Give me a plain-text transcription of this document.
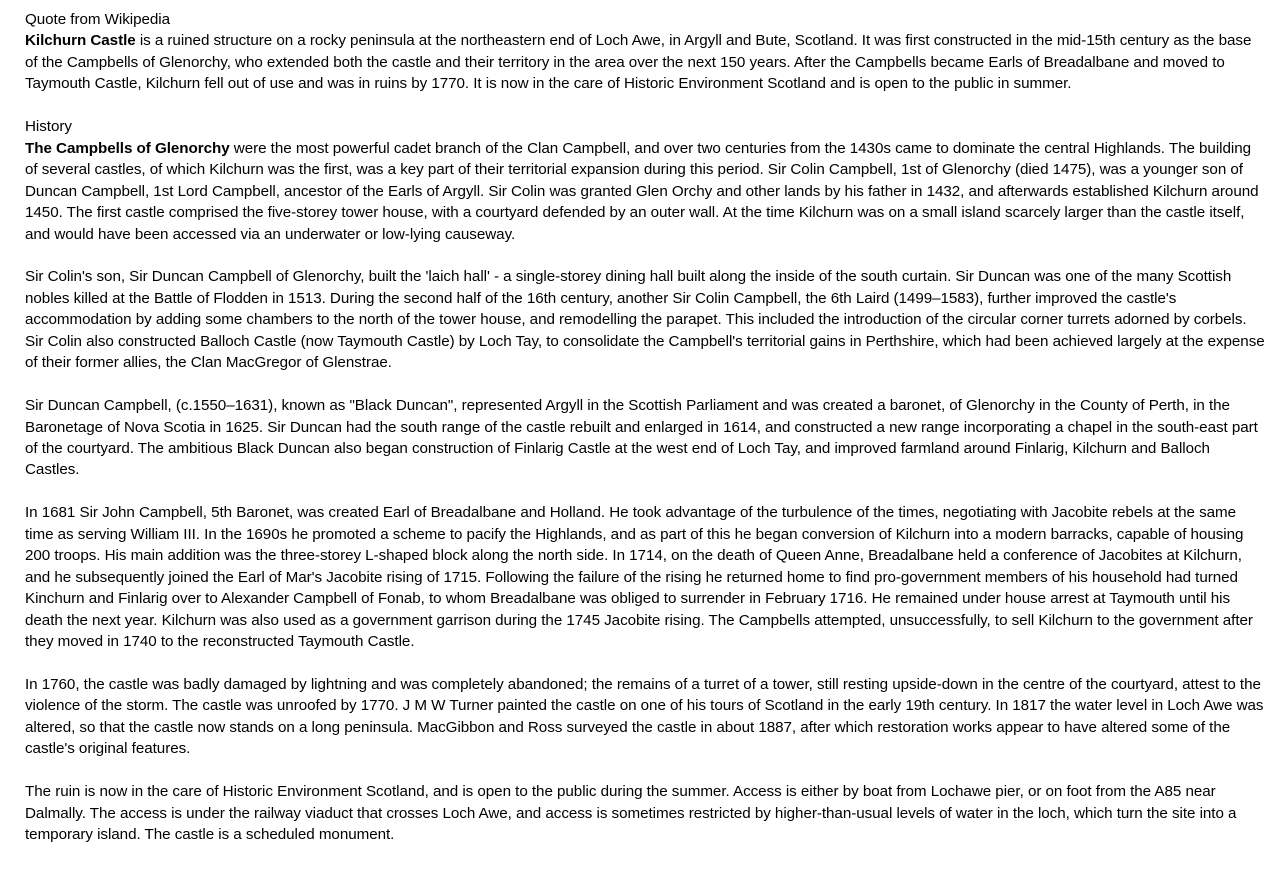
Quote from Wikipedia
Kilchurn Castle is a ruined structure on a rocky peninsula at the northeastern end of Loch Awe, in Argyll and Bute, Scotland. It was first constructed in the mid-15th century as the base of the Campbells of Glenorchy, who extended both the castle and their territory in the area over the next 150 years. After the Campbells became Earls of Breadalbane and moved to Taymouth Castle, Kilchurn fell out of use and was in ruins by 1770. It is now in the care of Historic Environment Scotland and is open to the public in summer.

History
The Campbells of Glenorchy were the most powerful cadet branch of the Clan Campbell, and over two centuries from the 1430s came to dominate the central Highlands. The building of several castles, of which Kilchurn was the first, was a key part of their territorial expansion during this period. Sir Colin Campbell, 1st of Glenorchy (died 1475), was a younger son of Duncan Campbell, 1st Lord Campbell, ancestor of the Earls of Argyll. Sir Colin was granted Glen Orchy and other lands by his father in 1432, and afterwards established Kilchurn around 1450. The first castle comprised the five-storey tower house, with a courtyard defended by an outer wall. At the time Kilchurn was on a small island scarcely larger than the castle itself, and would have been accessed via an underwater or low-lying causeway.

Sir Colin's son, Sir Duncan Campbell of Glenorchy, built the 'laich hall' - a single-storey dining hall built along the inside of the south curtain. Sir Duncan was one of the many Scottish nobles killed at the Battle of Flodden in 1513. During the second half of the 16th century, another Sir Colin Campbell, the 6th Laird (1499–1583), further improved the castle's accommodation by adding some chambers to the north of the tower house, and remodelling the parapet. This included the introduction of the circular corner turrets adorned by corbels. Sir Colin also constructed Balloch Castle (now Taymouth Castle) by Loch Tay, to consolidate the Campbell's territorial gains in Perthshire, which had been achieved largely at the expense of their former allies, the Clan MacGregor of Glenstrae.

Sir Duncan Campbell, (c.1550–1631), known as "Black Duncan", represented Argyll in the Scottish Parliament and was created a baronet, of Glenorchy in the County of Perth, in the Baronetage of Nova Scotia in 1625. Sir Duncan had the south range of the castle rebuilt and enlarged in 1614, and constructed a new range incorporating a chapel in the south-east part of the courtyard. The ambitious Black Duncan also began construction of Finlarig Castle at the west end of Loch Tay, and improved farmland around Finlarig, Kilchurn and Balloch Castles.

In 1681 Sir John Campbell, 5th Baronet, was created Earl of Breadalbane and Holland. He took advantage of the turbulence of the times, negotiating with Jacobite rebels at the same time as serving William III. In the 1690s he promoted a scheme to pacify the Highlands, and as part of this he began conversion of Kilchurn into a modern barracks, capable of housing 200 troops. His main addition was the three-storey L-shaped block along the north side. In 1714, on the death of Queen Anne, Breadalbane held a conference of Jacobites at Kilchurn, and he subsequently joined the Earl of Mar's Jacobite rising of 1715. Following the failure of the rising he returned home to find pro-government members of his household had turned Kinchurn and Finlarig over to Alexander Campbell of Fonab, to whom Breadalbane was obliged to surrender in February 1716. He remained under house arrest at Taymouth until his death the next year. Kilchurn was also used as a government garrison during the 1745 Jacobite rising. The Campbells attempted, unsuccessfully, to sell Kilchurn to the government after they moved in 1740 to the reconstructed Taymouth Castle.

In 1760, the castle was badly damaged by lightning and was completely abandoned; the remains of a turret of a tower, still resting upside-down in the centre of the courtyard, attest to the violence of the storm. The castle was unroofed by 1770. J M W Turner painted the castle on one of his tours of Scotland in the early 19th century. In 1817 the water level in Loch Awe was altered, so that the castle now stands on a long peninsula. MacGibbon and Ross surveyed the castle in about 1887, after which restoration works appear to have altered some of the castle's original features.

The ruin is now in the care of Historic Environment Scotland, and is open to the public during the summer. Access is either by boat from Lochawe pier, or on foot from the A85 near Dalmally. The access is under the railway viaduct that crosses Loch Awe, and access is sometimes restricted by higher-than-usual levels of water in the loch, which turn the site into a temporary island. The castle is a scheduled monument.
